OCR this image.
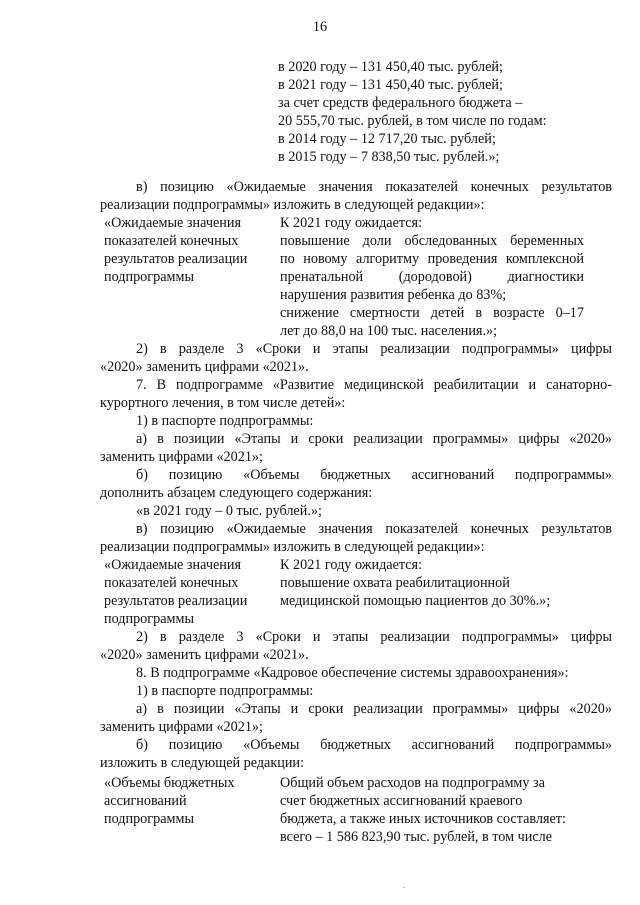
16
в 2020 году – 131 450,40 тыс. рублей;
в 2021 году – 131 450,40 тыс. рублей;
за счет средств федерального бюджета –
20 555,70 тыс. рублей, в том числе по годам:
в 2014 году – 12 717,20 тыс. рублей;
в 2015 году – 7 838,50 тыс. рублей.»;
в) позицию «Ожидаемые значения показателей конечных результатов
реализации подпрограммы» изложить в следующей редакции»:
«Ожидаемые значения
показателей конечных
результатов реализации
подпрограммы
К 2021 году ожидается:
повышение доли обследованных беременных
по новому алгоритму проведения комплексной
пренатальной (дородовой) диагностики
нарушения развития ребенка до 83%;
снижение смертности детей в возрасте 0–17
лет до 88,0 на 100 тыс. населения.»;
2) в разделе 3 «Сроки и этапы реализации подпрограммы» цифры
«2020» заменить цифрами «2021».
7. В подпрограмме «Развитие медицинской реабилитации и санаторно-
курортного лечения, в том числе детей»:
1) в паспорте подпрограммы:
а) в позиции «Этапы и сроки реализации программы» цифры «2020»
заменить цифрами «2021»;
б) позицию «Объемы бюджетных ассигнований подпрограммы»
дополнить абзацем следующего содержания:
«в 2021 году – 0 тыс. рублей.»;
в) позицию «Ожидаемые значения показателей конечных результатов
реализации подпрограммы» изложить в следующей редакции»:
«Ожидаемые значения
показателей конечных
результатов реализации
подпрограммы
К 2021 году ожидается:
повышение охвата реабилитационной
медицинской помощью пациентов до 30%.»;
2) в разделе 3 «Сроки и этапы реализации подпрограммы» цифры
«2020» заменить цифрами «2021».
8. В подпрограмме «Кадровое обеспечение системы здравоохранения»:
1) в паспорте подпрограммы:
а) в позиции «Этапы и сроки реализации программы» цифры «2020»
заменить цифрами «2021»;
б) позицию «Объемы бюджетных ассигнований подпрограммы»
изложить в следующей редакции:
«Объемы бюджетных
ассигнований
подпрограммы
Общий объем расходов на подпрограмму за
счет бюджетных ассигнований краевого
бюджета, а также иных источников составляет:
всего – 1 586 823,90 тыс. рублей, в том числе
